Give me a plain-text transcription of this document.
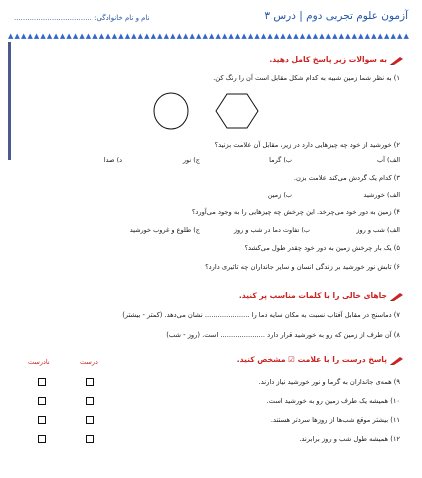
آزمون علوم تجربی دوم | درس ۳
نام و نام خانوادگی: ...................................
▲▲▲▲▲▲▲▲▲▲▲▲▲▲▲▲▲▲▲▲▲▲▲▲▲▲▲▲▲▲▲▲▲▲▲▲▲▲▲▲▲▲▲▲▲▲▲▲▲▲▲▲▲▲▲▲▲▲▲▲▲▲
به سوالات زیر پاسخ کامل دهید.
۱) به نظر شما زمین شبیه به کدام شکل مقابل است آن را رنگ کن.
۲) خورشید از خود چه چیزهایی دارد در زیر، مقابل آن علامت بزنید؟
الف) آب
ب) گرما
ج) نور
د) صدا
۳) کدام یک گردش می‌کند علامت بزن.
الف) خورشید
ب) زمین
۴) زمین به دور خود می‌چرخد. این چرخش چه چیزهایی را به وجود می‌آورد؟
الف) شب و روز
ب) تفاوت دما در شب و روز
ج) طلوع و غروب خورشید
۵) یک بار چرخش زمین به دور خود چقدر طول می‌کشد؟
۶) تابش نور خورشید بر زندگی انسان و سایر جانداران چه تاثیری دارد؟
جاهای خالی را با کلمات مناسب پر کنید.
۷) دماسنج در مقابل آفتاب نسبت به مکان سایه دما را ..................... نشان می‌دهد. (کمتر - بیشتر)
۸) آن طرف از زمین که رو به خورشید قرار دارد ..................... است. (روز - شب)
پاسخ درست را با علامت ☑ مشخص کنید.
درست
نادرست
۹) همه‌ی جانداران به گرما و نور خورشید نیاز دارند.
۱۰) همیشه یک طرف زمین رو به خورشید است.
۱۱) بیشتر موقع شب‌ها از روزها سردتر هستند.
۱۲) همیشه طول شب و روز برابرند.
